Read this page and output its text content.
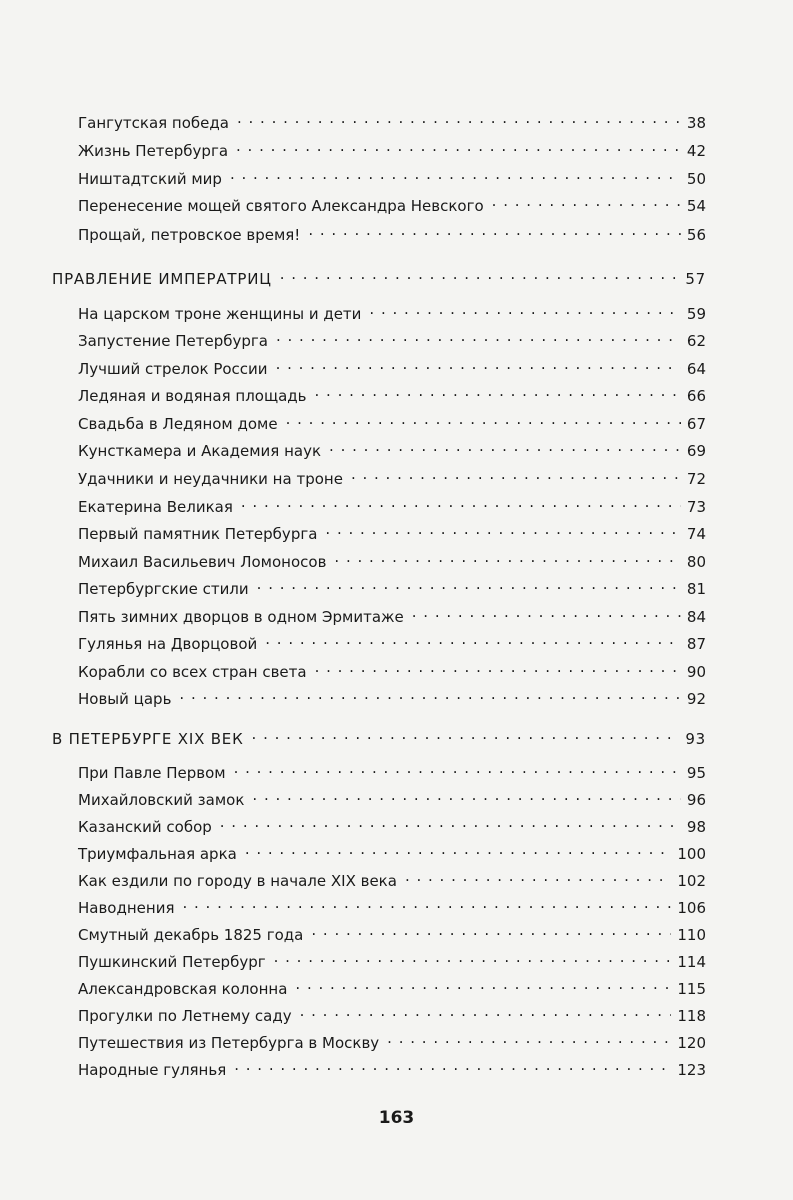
Гангутская победа . . .	38
Жизнь Петербурга . . .	42
Ништадтский мир . . .	50
Перенесение мощей святого Александра Невского . . .	54
Прощай, петровское время! . . .	56
ПРАВЛЕНИЕ ИМПЕРАТРИЦ . . .	57
На царском троне женщины и дети . . .	59
Запустение Петербурга . . .	62
Лучший стрелок России . . .	64
Ледяная и водяная площадь . . .	66
Свадьба в Ледяном доме . . .	67
Кунсткамера и Академия наук . . .	69
Удачники и неудачники на троне . . .	72
Екатерина Великая . . .	73
Первый памятник Петербурга . . .	74
Михаил Васильевич Ломоносов . . .	80
Петербургские стили . . .	81
Пять зимних дворцов в одном Эрмитаже . . .	84
Гулянья на Дворцовой . . .	87
Корабли со всех стран света . . .	90
Новый царь . . .	92
В ПЕТЕРБУРГЕ XIX ВЕК . . .	93
При Павле Первом . . .	95
Михайловский замок . . .	96
Казанский собор . . .	98
Триумфальная арка . . .	100
Как ездили по городу в начале XIX века . . .	102
Наводнения . . .	106
Смутный декабрь 1825 года . . .	110
Пушкинский Петербург . . .	114
Александровская колонна . . .	115
Прогулки по Летнему саду . . .	118
Путешествия из Петербурга в Москву . . .	120
Народные гулянья . . .	123
163
